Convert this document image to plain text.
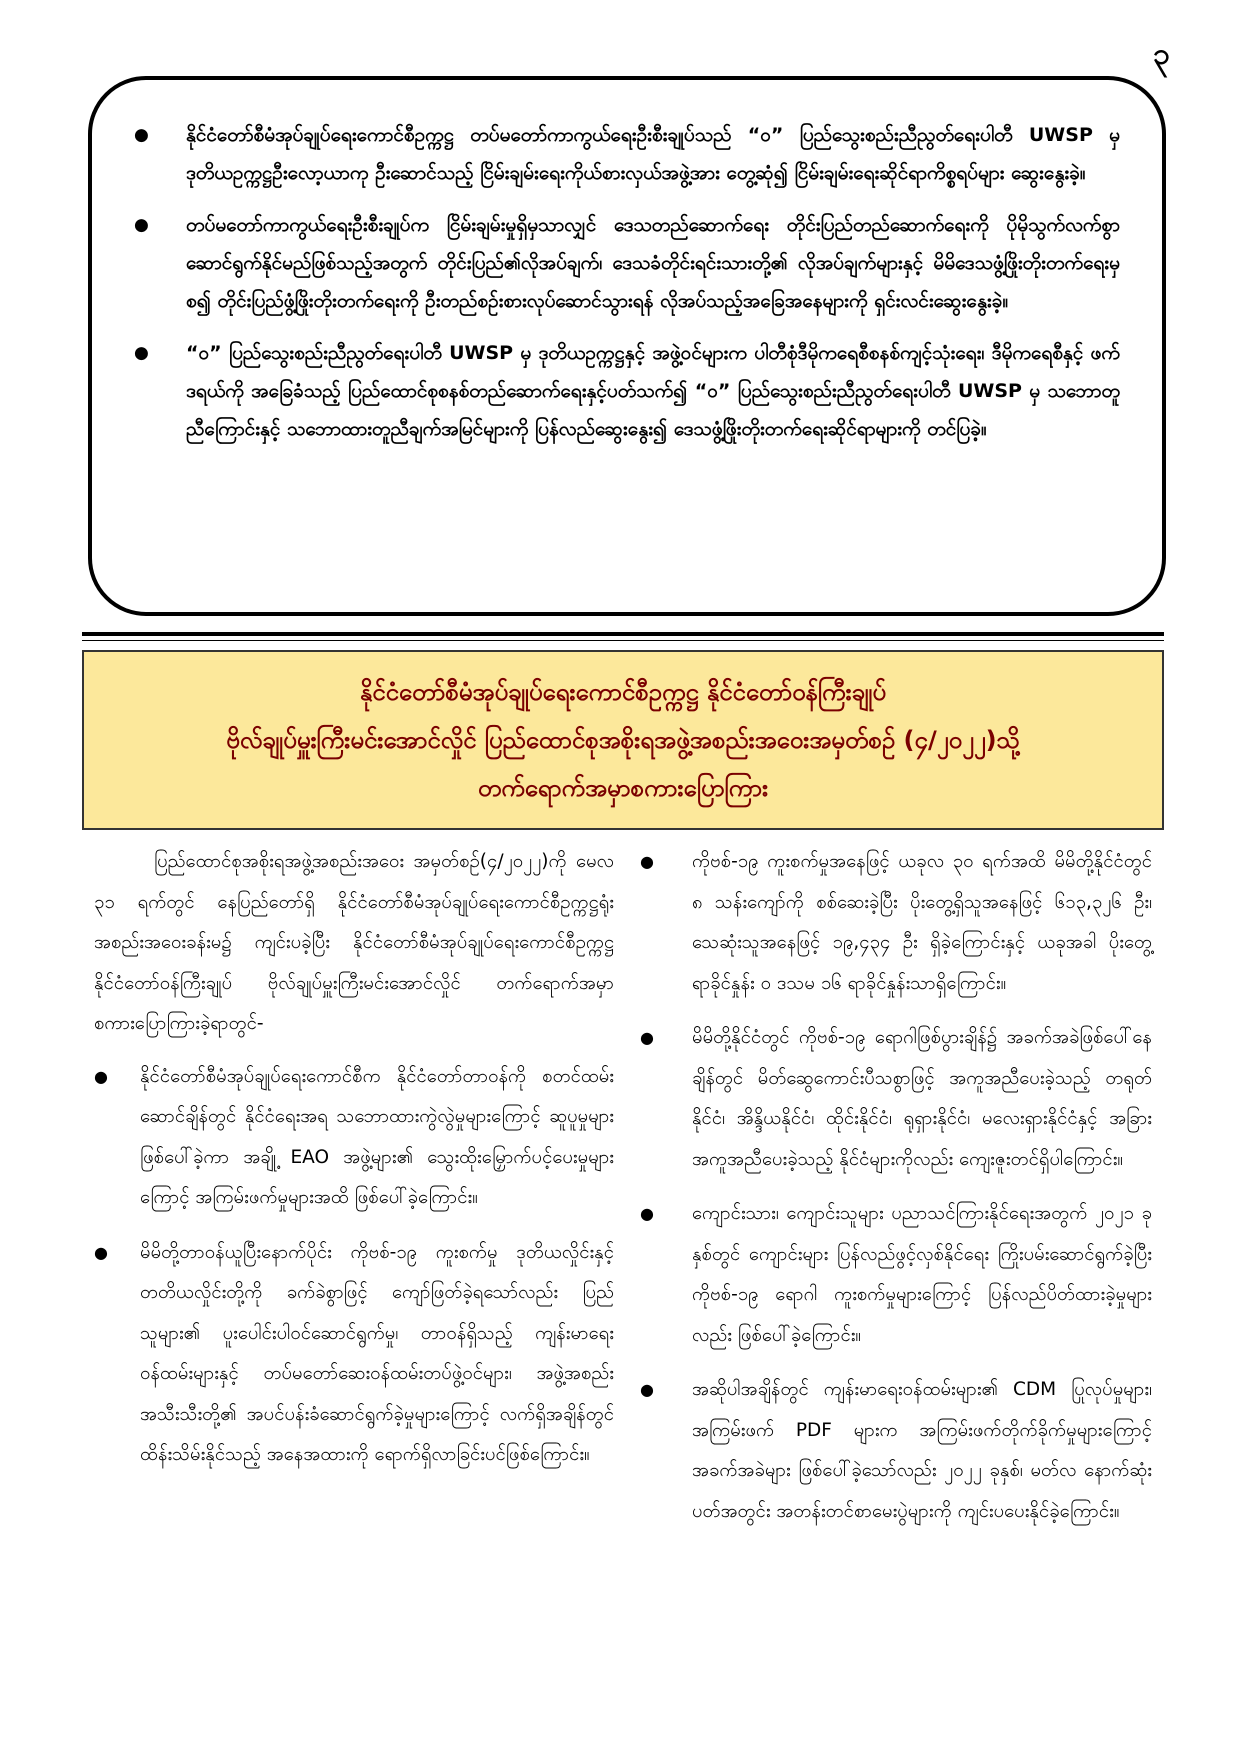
၃
● နိုင်ငံတော်စီမံအုပ်ချုပ်ရေးကောင်စီဥက္ကဋ္ဌ တပ်မတော်ကာကွယ်ရေးဦးစီးချုပ်သည် “ဝ” ပြည်သွေးစည်းညီညွတ်ရေးပါတီ UWSP မှ ဒုတိယဥက္ကဋ္ဌဦးလော့ယာကု ဦးဆောင်သည့် ငြိမ်းချမ်းရေးကိုယ်စားလှယ်အဖွဲ့အား တွေ့ဆုံ၍ ငြိမ်းချမ်းရေးဆိုင်ရာကိစ္စရပ်များ ဆွေးနွေးခဲ့။
● တပ်မတော်ကာကွယ်ရေးဦးစီးချုပ်က ငြိမ်းချမ်းမှုရှိမှသာလျှင် ဒေသတည်ဆောက်ရေး တိုင်းပြည်တည်ဆောက်ရေးကို ပိုမိုသွက်လက်စွာ ဆောင်ရွက်နိုင်မည်ဖြစ်သည့်အတွက် တိုင်းပြည်၏လိုအပ်ချက်၊ ဒေသခံတိုင်းရင်းသားတို့၏ လိုအပ်ချက်များနှင့် မိမိဒေသဖွံ့ဖြိုးတိုးတက်ရေးမှစ၍ တိုင်းပြည်ဖွံ့ဖြိုးတိုးတက်ရေးကို ဦးတည်စဉ်းစားလုပ်ဆောင်သွားရန် လိုအပ်သည့်အခြေအနေများကို ရှင်းလင်းဆွေးနွေးခဲ့။
● “ဝ” ပြည်သွေးစည်းညီညွတ်ရေးပါတီ UWSP မှ ဒုတိယဥက္ကဋ္ဌနှင့် အဖွဲ့ဝင်များက ပါတီစုံဒီမိုကရေစီစနစ်ကျင့်သုံးရေး၊ ဒီမိုကရေစီနှင့် ဖက်ဒရယ်ကို အခြေခံသည့် ပြည်ထောင်စုစနစ်တည်ဆောက်ရေးနှင့်ပတ်သက်၍ “ဝ” ပြည်သွေးစည်းညီညွတ်ရေးပါတီ UWSP မှ သဘောတူညီကြောင်းနှင့် သဘောထားတူညီချက်အမြင်များကို ပြန်လည်ဆွေးနွေး၍ ဒေသဖွံ့ဖြိုးတိုးတက်ရေးဆိုင်ရာများကို တင်ပြခဲ့။
နိုင်ငံတော်စီမံအုပ်ချုပ်ရေးကောင်စီဥက္ကဋ္ဌ နိုင်ငံတော်ဝန်ကြီးချုပ်
ဗိုလ်ချုပ်မှူးကြီးမင်းအောင်လှိုင် ပြည်ထောင်စုအစိုးရအဖွဲ့အစည်းအဝေးအမှတ်စဉ် (၄/၂၀၂၂)သို့
တက်ရောက်အမှာစကားပြောကြား

ပြည်ထောင်စုအစိုးရအဖွဲ့အစည်းအဝေး အမှတ်စဉ်(၄/၂၀၂၂)ကို မေလ ၃၁ ရက်တွင် နေပြည်တော်ရှိ နိုင်ငံတော်စီမံအုပ်ချုပ်ရေးကောင်စီဥက္ကဋ္ဌရုံး အစည်းအဝေးခန်းမ၌ ကျင်းပခဲ့ပြီး နိုင်ငံတော်စီမံအုပ်ချုပ်ရေးကောင်စီဥက္ကဋ္ဌ နိုင်ငံတော်ဝန်ကြီးချုပ် ဗိုလ်ချုပ်မှူးကြီးမင်းအောင်လှိုင် တက်ရောက်အမှာစကားပြောကြားခဲ့ရာတွင်-

● နိုင်ငံတော်စီမံအုပ်ချုပ်ရေးကောင်စီက နိုင်ငံတော်တာဝန်ကို စတင်ထမ်းဆောင်ချိန်တွင် နိုင်ငံရေးအရ သဘောထားကွဲလွဲမှုများကြောင့် ဆူပူမှုများဖြစ်ပေါ်ခဲ့ကာ အချို့ EAO အဖွဲ့များ၏ သွေးထိုးမြှောက်ပင့်ပေးမှုများကြောင့် အကြမ်းဖက်မှုများအထိ ဖြစ်ပေါ်ခဲ့ကြောင်း။
● မိမိတို့တာဝန်ယူပြီးနောက်ပိုင်း ကိုဗစ်-၁၉ ကူးစက်မှု ဒုတိယလှိုင်းနှင့် တတိယလှိုင်းတို့ကို ခက်ခဲစွာဖြင့် ကျော်ဖြတ်ခဲ့ရသော်လည်း ပြည်သူများ၏ ပူးပေါင်းပါဝင်ဆောင်ရွက်မှု၊ တာဝန်ရှိသည့် ကျန်းမာရေးဝန်ထမ်းများနှင့် တပ်မတော်ဆေးဝန်ထမ်းတပ်ဖွဲ့ဝင်များ၊ အဖွဲ့အစည်းအသီးသီးတို့၏ အပင်ပန်းခံဆောင်ရွက်ခဲ့မှုများကြောင့် လက်ရှိအချိန်တွင် ထိန်းသိမ်းနိုင်သည့် အနေအထားကို ရောက်ရှိလာခြင်းပင်ဖြစ်ကြောင်း။
● ကိုဗစ်-၁၉ ကူးစက်မှုအနေဖြင့် ယခုလ ၃၀ ရက်အထိ မိမိတို့နိုင်ငံတွင် ၈ သန်းကျော်ကို စစ်ဆေးခဲ့ပြီး ပိုးတွေ့ရှိသူအနေဖြင့် ၆၁၃,၃၂၆ ဦး၊ သေဆုံးသူအနေဖြင့် ၁၉,၄၃၄ ဦး ရှိခဲ့ကြောင်းနှင့် ယခုအခါ ပိုးတွေ့ရာခိုင်နှုန်း ၀ ဒသမ ၁၆ ရာခိုင်နှုန်းသာရှိကြောင်း။
● မိမိတို့နိုင်ငံတွင် ကိုဗစ်-၁၉ ရောဂါဖြစ်ပွားချိန်၌ အခက်အခဲဖြစ်ပေါ်နေချိန်တွင် မိတ်ဆွေကောင်းပီသစွာဖြင့် အကူအညီပေးခဲ့သည့် တရုတ်နိုင်ငံ၊ အိန္ဒိယနိုင်ငံ၊ ထိုင်းနိုင်ငံ၊ ရုရှားနိုင်ငံ၊ မလေးရှားနိုင်ငံနှင့် အခြားအကူအညီပေးခဲ့သည့် နိုင်ငံများကိုလည်း ကျေးဇူးတင်ရှိပါကြောင်း။
● ကျောင်းသား၊ ကျောင်းသူများ ပညာသင်ကြားနိုင်ရေးအတွက် ၂၀၂၁ ခုနှစ်တွင် ကျောင်းများ ပြန်လည်ဖွင့်လှစ်နိုင်ရေး ကြိုးပမ်းဆောင်ရွက်ခဲ့ပြီး ကိုဗစ်-၁၉ ရောဂါ ကူးစက်မှုများကြောင့် ပြန်လည်ပိတ်ထားခဲ့မှုများလည်း ဖြစ်ပေါ်ခဲ့ကြောင်း။
● အဆိုပါအချိန်တွင် ကျန်းမာရေးဝန်ထမ်းများ၏ CDM ပြုလုပ်မှုများ၊ အကြမ်းဖက် PDF များက အကြမ်းဖက်တိုက်ခိုက်မှုများကြောင့် အခက်အခဲများ ဖြစ်ပေါ်ခဲ့သော်လည်း ၂၀၂၂ ခုနှစ်၊ မတ်လ နောက်ဆုံးပတ်အတွင်း အတန်းတင်စာမေးပွဲများကို ကျင်းပပေးနိုင်ခဲ့ကြောင်း။
